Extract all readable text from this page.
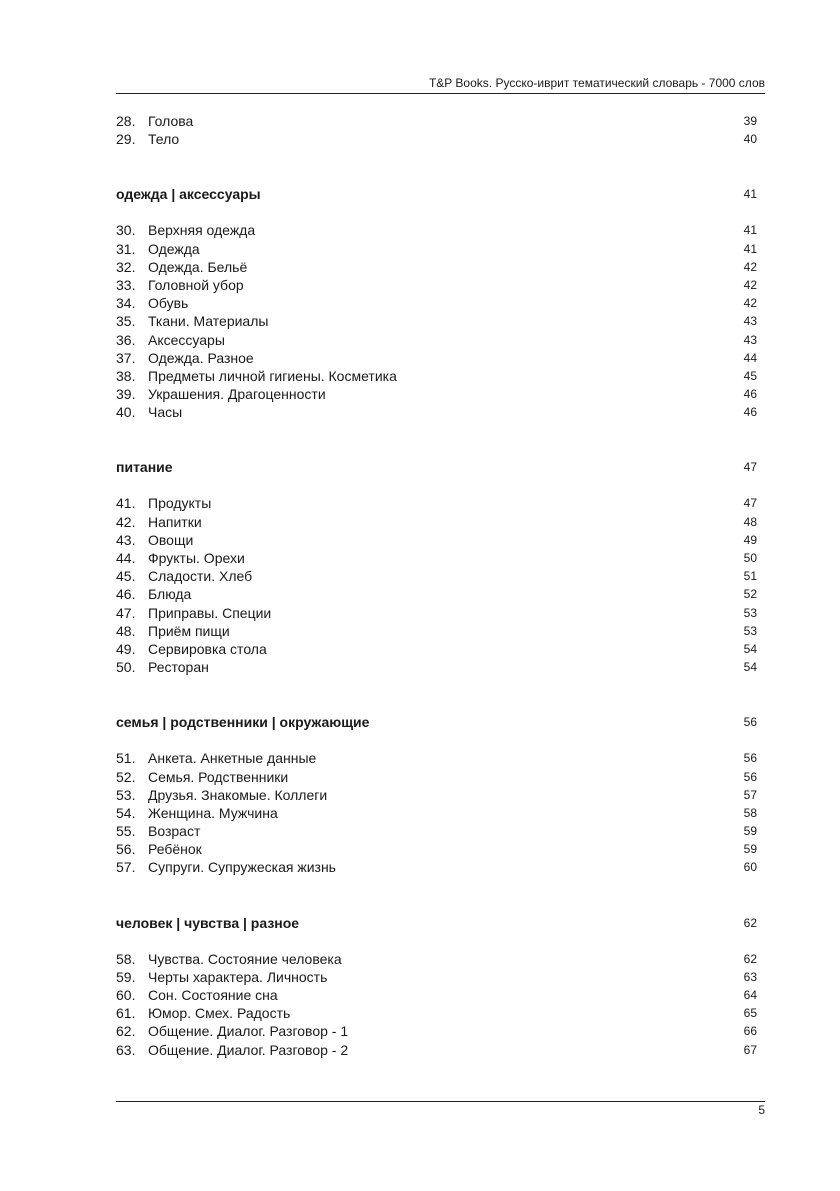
T&P Books. Русско-иврит тематический словарь - 7000 слов
28. Голова	39
29. Тело	40
одежда | аксессуары	41
30. Верхняя одежда	41
31. Одежда	41
32. Одежда. Бельё	42
33. Головной убор	42
34. Обувь	42
35. Ткани. Материалы	43
36. Аксессуары	43
37. Одежда. Разное	44
38. Предметы личной гигиены. Косметика	45
39. Украшения. Драгоценности	46
40. Часы	46
питание	47
41. Продукты	47
42. Напитки	48
43. Овощи	49
44. Фрукты. Орехи	50
45. Сладости. Хлеб	51
46. Блюда	52
47. Приправы. Специи	53
48. Приём пищи	53
49. Сервировка стола	54
50. Ресторан	54
семья | родственники | окружающие	56
51. Анкета. Анкетные данные	56
52. Семья. Родственники	56
53. Друзья. Знакомые. Коллеги	57
54. Женщина. Мужчина	58
55. Возраст	59
56. Ребёнок	59
57. Супруги. Супружеская жизнь	60
человек | чувства | разное	62
58. Чувства. Состояние человека	62
59. Черты характера. Личность	63
60. Сон. Состояние сна	64
61. Юмор. Смех. Радость	65
62. Общение. Диалог. Разговор - 1	66
63. Общение. Диалог. Разговор - 2	67
5
